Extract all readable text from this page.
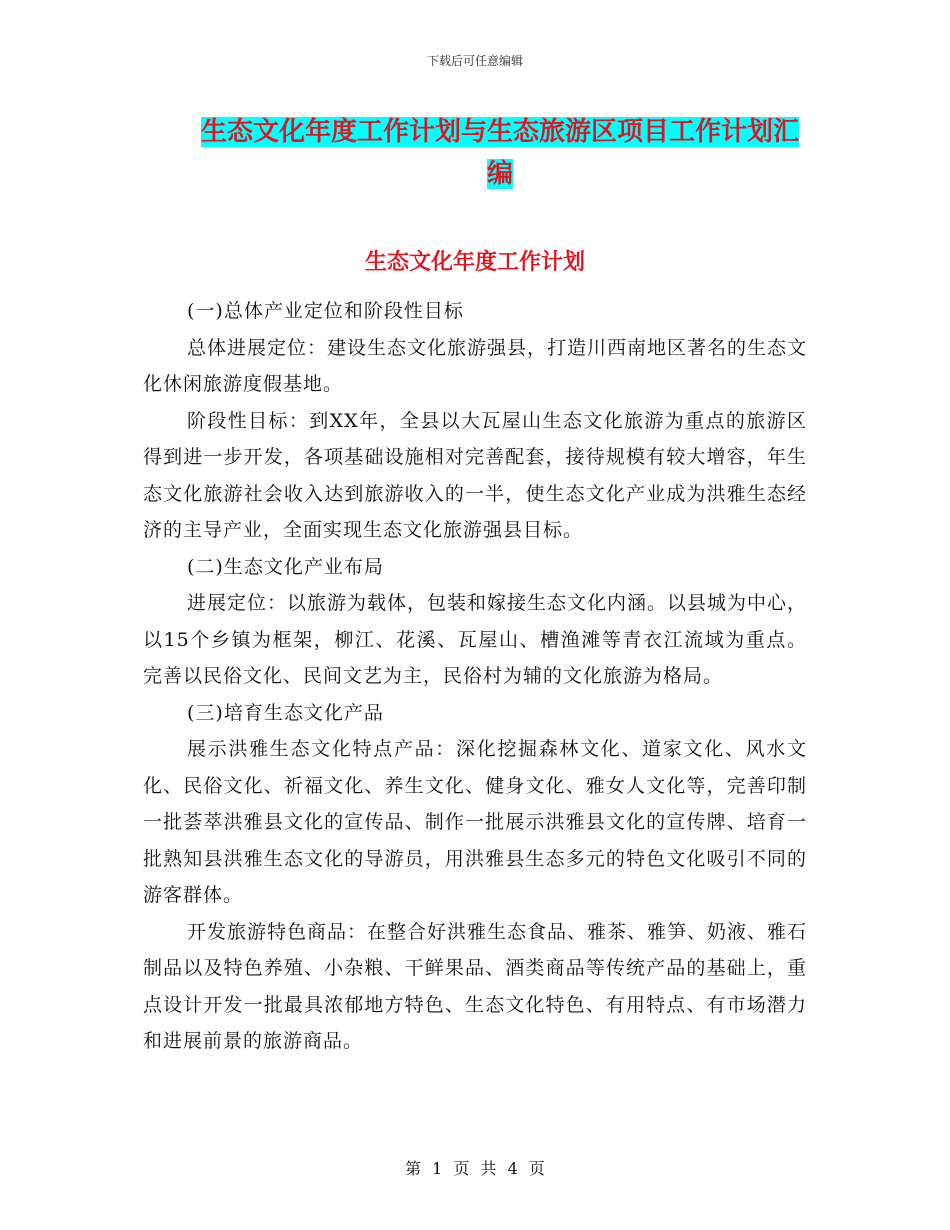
下载后可任意编辑
生态文化年度工作计划与生态旅游区项目工作计划汇
编
生态文化年度工作计划

(一)总体产业定位和阶段性目标

总体进展定位：建设生态文化旅游强县，打造川西南地区著名的生态文化休闲旅游度假基地。

阶段性目标：到XX年，全县以大瓦屋山生态文化旅游为重点的旅游区得到进一步开发，各项基础设施相对完善配套，接待规模有较大增容，年生态文化旅游社会收入达到旅游收入的一半，使生态文化产业成为洪雅生态经济的主导产业，全面实现生态文化旅游强县目标。

(二)生态文化产业布局

进展定位：以旅游为载体，包装和嫁接生态文化内涵。以县城为中心，以15个乡镇为框架，柳江、花溪、瓦屋山、槽渔滩等青衣江流域为重点。完善以民俗文化、民间文艺为主，民俗村为辅的文化旅游为格局。

(三)培育生态文化产品

展示洪雅生态文化特点产品：深化挖掘森林文化、道家文化、风水文化、民俗文化、祈福文化、养生文化、健身文化、雅女人文化等，完善印制一批荟萃洪雅县文化的宣传品、制作一批展示洪雅县文化的宣传牌、培育一批熟知县洪雅生态文化的导游员，用洪雅县生态多元的特色文化吸引不同的游客群体。

开发旅游特色商品：在整合好洪雅生态食品、雅茶、雅笋、奶液、雅石制品以及特色养殖、小杂粮、干鲜果品、酒类商品等传统产品的基础上，重点设计开发一批最具浓郁地方特色、生态文化特色、有用特点、有市场潜力和进展前景的旅游商品。

第 1 页 共 4 页
